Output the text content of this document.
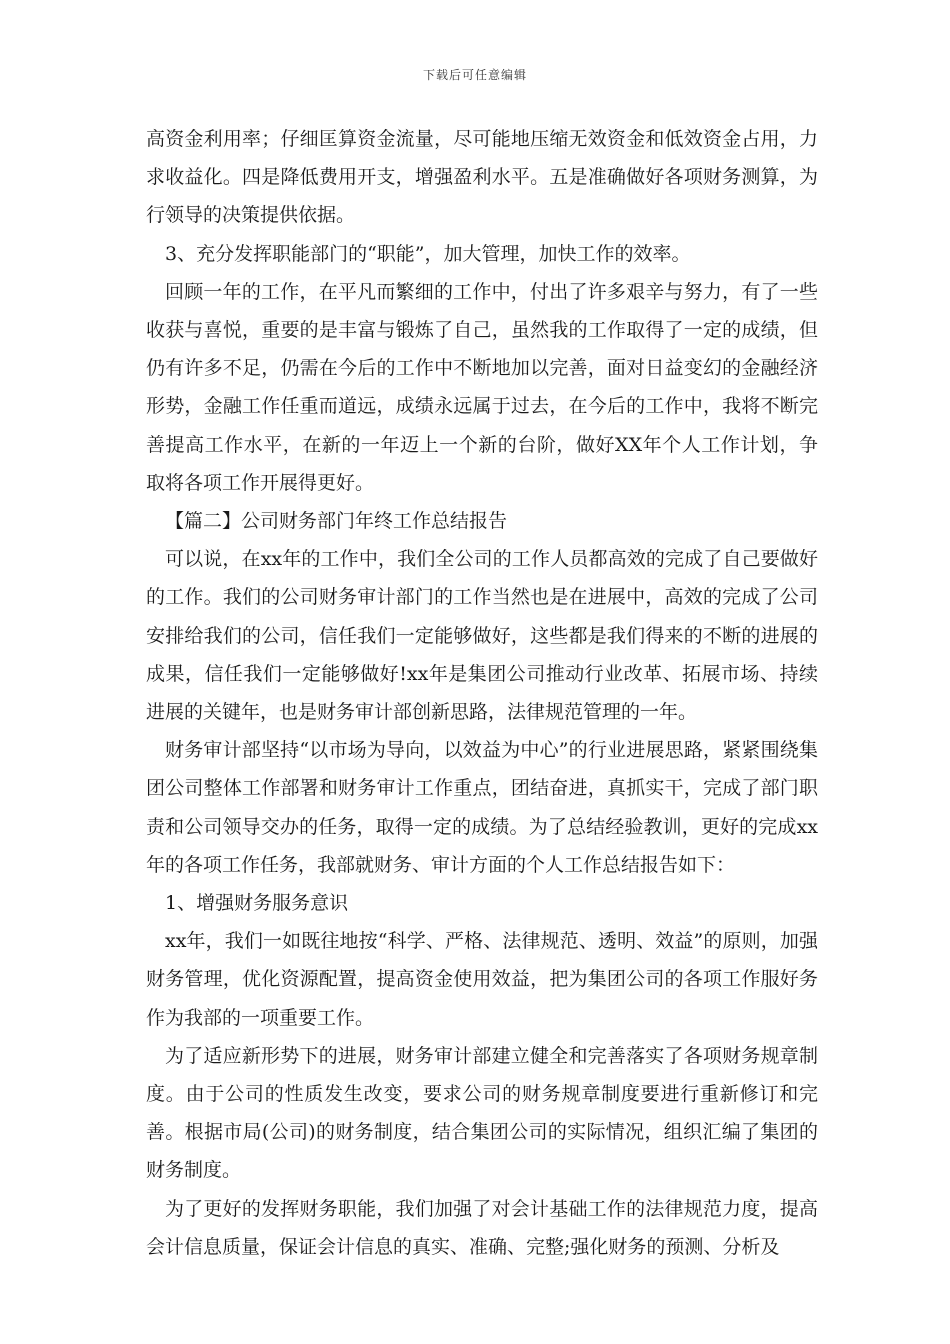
下载后可任意编辑

高资金利用率；仔细匡算资金流量，尽可能地压缩无效资金和低效资金占用，力求收益化。四是降低费用开支，增强盈利水平。五是准确做好各项财务测算，为行领导的决策提供依据。

3、充分发挥职能部门的“职能”，加大管理，加快工作的效率。

回顾一年的工作，在平凡而繁细的工作中，付出了许多艰辛与努力，有了一些收获与喜悦，重要的是丰富与锻炼了自己，虽然我的工作取得了一定的成绩，但仍有许多不足，仍需在今后的工作中不断地加以完善，面对日益变幻的金融经济形势，金融工作任重而道远，成绩永远属于过去，在今后的工作中，我将不断完善提高工作水平，在新的一年迈上一个新的台阶，做好XX年个人工作计划，争取将各项工作开展得更好。

【篇二】公司财务部门年终工作总结报告

可以说，在xx年的工作中，我们全公司的工作人员都高效的完成了自己要做好的工作。我们的公司财务审计部门的工作当然也是在进展中，高效的完成了公司安排给我们的公司，信任我们一定能够做好，这些都是我们得来的不断的进展的成果，信任我们一定能够做好!xx年是集团公司推动行业改革、拓展市场、持续进展的关键年，也是财务审计部创新思路，法律规范管理的一年。

财务审计部坚持“以市场为导向，以效益为中心”的行业进展思路，紧紧围绕集团公司整体工作部署和财务审计工作重点，团结奋进，真抓实干，完成了部门职责和公司领导交办的任务，取得一定的成绩。为了总结经验教训，更好的完成xx年的各项工作任务，我部就财务、审计方面的个人工作总结报告如下：

1、增强财务服务意识

xx年，我们一如既往地按“科学、严格、法律规范、透明、效益”的原则，加强财务管理，优化资源配置，提高资金使用效益，把为集团公司的各项工作服好务作为我部的一项重要工作。

为了适应新形势下的进展，财务审计部建立健全和完善落实了各项财务规章制度。由于公司的性质发生改变，要求公司的财务规章制度要进行重新修订和完善。根据市局(公司)的财务制度，结合集团公司的实际情况，组织汇编了集团的财务制度。

为了更好的发挥财务职能，我们加强了对会计基础工作的法律规范力度，提高会计信息质量，保证会计信息的真实、准确、完整;强化财务的预测、分析及
